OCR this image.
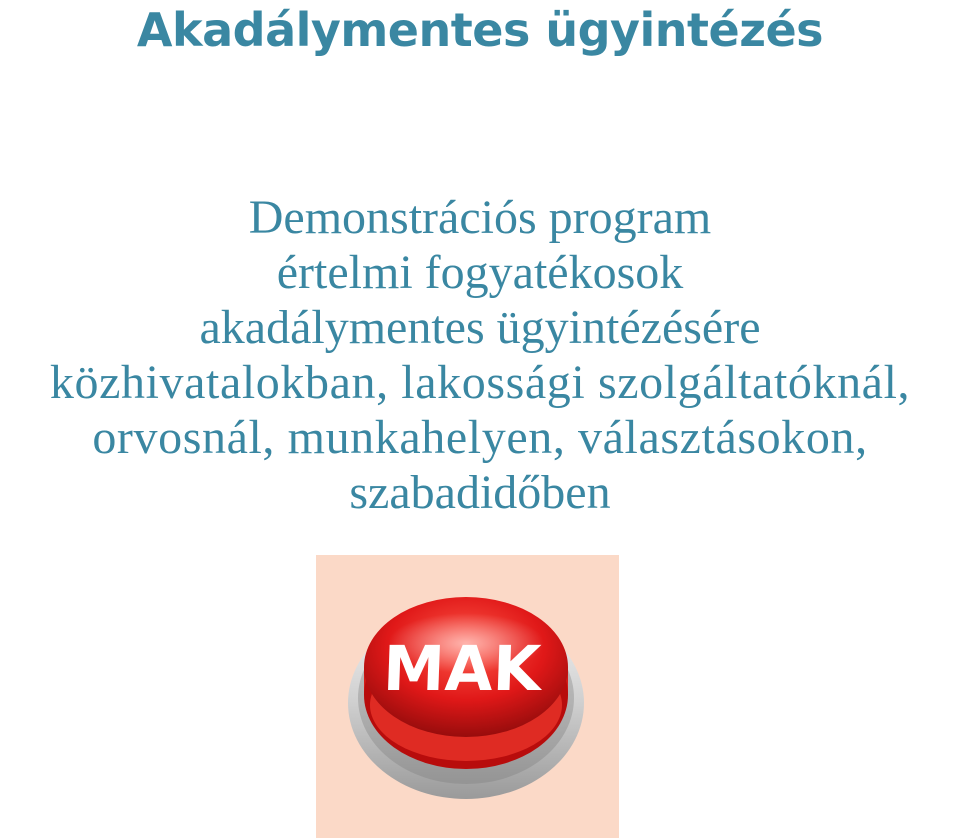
Akadálymentes ügyintézés
Demonstrációs program
értelmi fogyatékosok
akadálymentes ügyintézésére
közhivatalokban, lakossági szolgáltatóknál,
orvosnál, munkahelyen, választásokon,
szabadidőben
MAK
